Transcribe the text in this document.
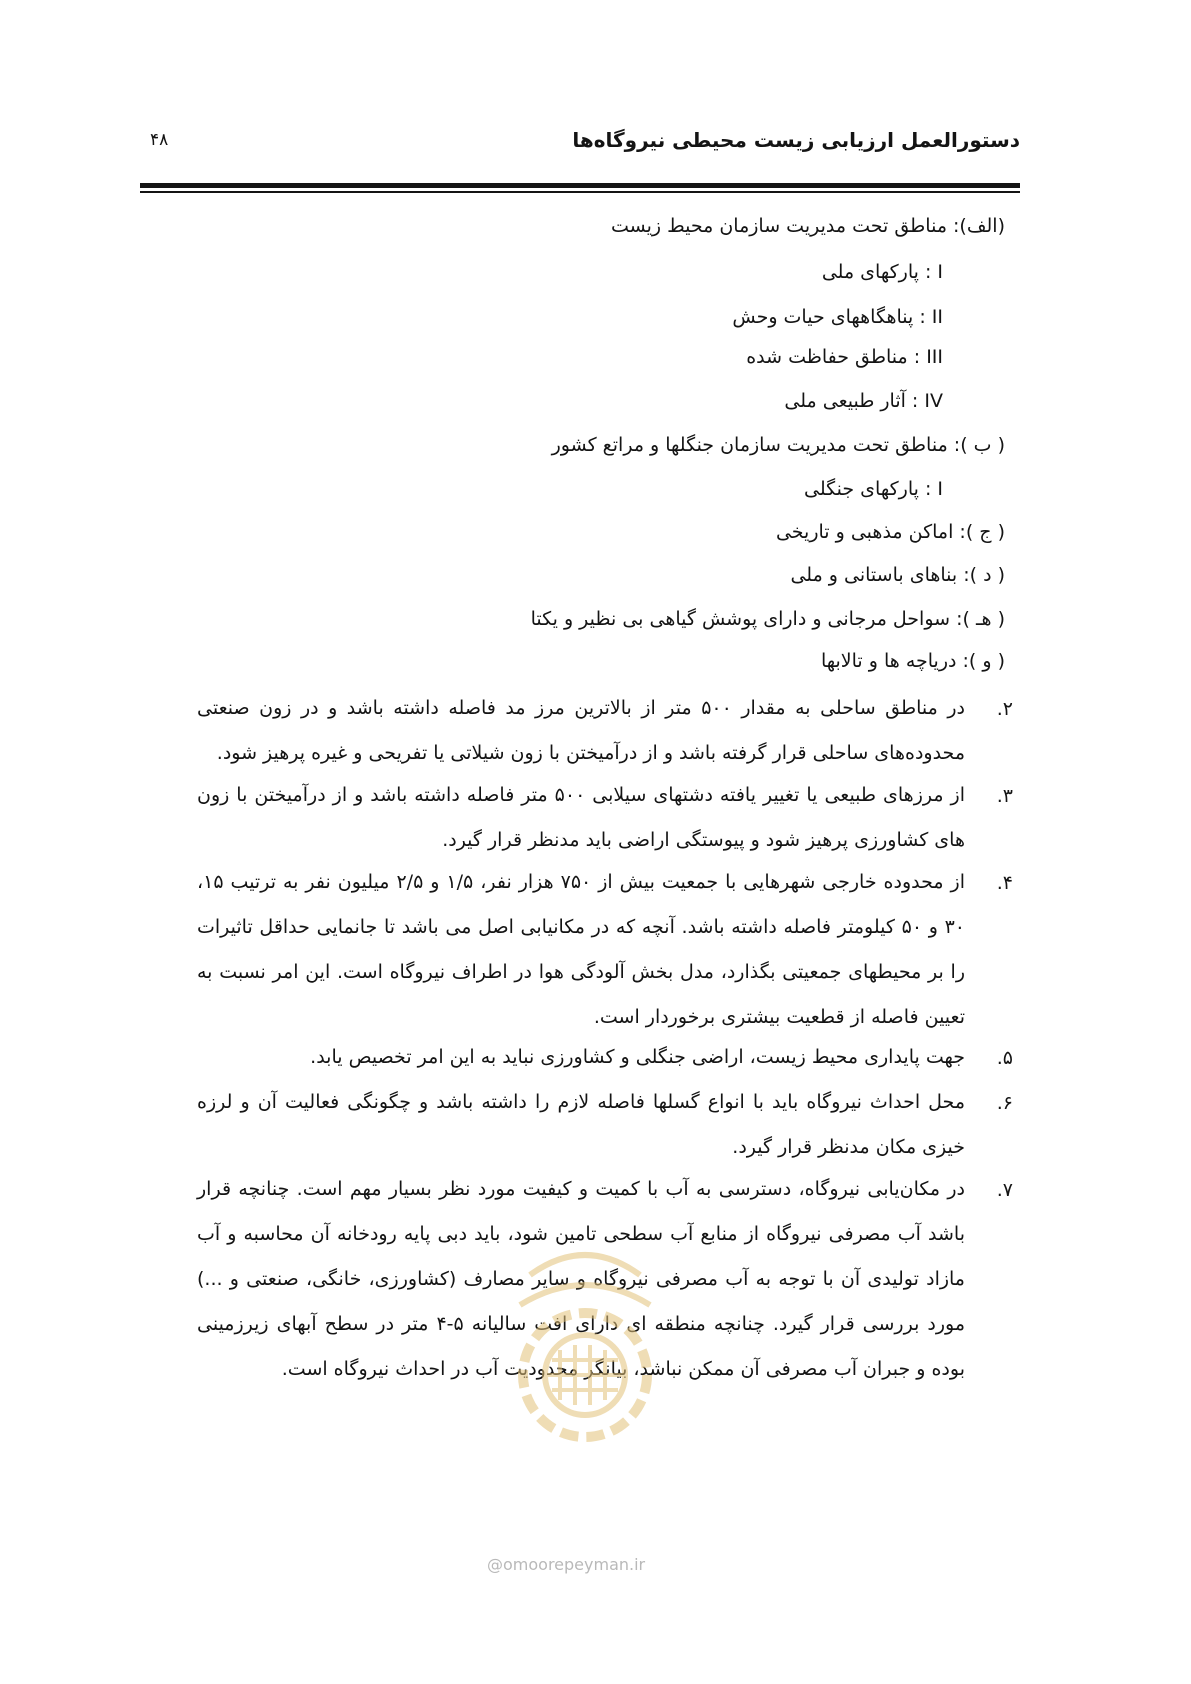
دستورالعمل ارزیابی زیست محیطی نیروگاه‌ها
۴۸
(الف): مناطق تحت مدیریت سازمان محیط زیست
I : پارکهای ملی
II : پناهگاههای حیات وحش
III : مناطق حفاظت شده
IV : آثار طبیعی ملی
( ب ): مناطق تحت مدیریت سازمان جنگلها و مراتع کشور
I : پارکهای جنگلی
( ج ): اماکن مذهبی و تاریخی
( د ): بناهای باستانی و ملی
( هـ ): سواحل مرجانی و دارای پوشش گیاهی بی نظیر و یکتا
( و ): دریاچه ها و تالابها
۲.
در مناطق ساحلی به مقدار ۵۰۰ متر از بالاترین مرز مد فاصله داشته باشد و در زون صنعتی محدوده‌های ساحلی قرار گرفته باشد و از درآمیختن با زون شیلاتی یا تفریحی و غیره پرهیز شود.
۳.
از مرزهای طبیعی یا تغییر یافته دشتهای سیلابی ۵۰۰ متر فاصله داشته باشد و از درآمیختن با زون های کشاورزی پرهیز شود و پیوستگی اراضی باید مدنظر قرار گیرد.
۴.
از محدوده خارجی شهرهایی با جمعیت بیش از ۷۵۰ هزار نفر، ۱/۵ و ۲/۵ میلیون نفر به ترتیب ۱۵، ۳۰ و ۵۰ کیلومتر فاصله داشته باشد. آنچه که در مکانیابی اصل می باشد تا جانمایی حداقل تاثیرات را بر محیطهای جمعیتی بگذارد، مدل بخش آلودگی هوا در اطراف نیروگاه است. این امر نسبت به تعیین فاصله از قطعیت بیشتری برخوردار است.
۵.
جهت پایداری محیط زیست، اراضی جنگلی و کشاورزی نباید به این امر تخصیص یابد.
۶.
محل احداث نیروگاه باید با انواع گسلها فاصله لازم را داشته باشد و چگونگی فعالیت آن و لرزه خیزی مکان مدنظر قرار گیرد.
۷.
در مکان‌یابی نیروگاه، دسترسی به آب با کمیت و کیفیت مورد نظر بسیار مهم است. چنانچه قرار باشد آب مصرفی نیروگاه از منابع آب سطحی تامین شود، باید دبی پایه رودخانه آن محاسبه و آب مازاد تولیدی آن با توجه به آب مصرفی نیروگاه و سایر مصارف (کشاورزی، خانگی، صنعتی و ...) مورد بررسی قرار گیرد. چنانچه منطقه ای دارای افت سالیانه ۵-۴ متر در سطح آبهای زیرزمینی بوده و جبران آب مصرفی آن ممکن نباشد، بیانگر محدودیت آب در احداث نیروگاه است.
@omoorepeyman.ir
